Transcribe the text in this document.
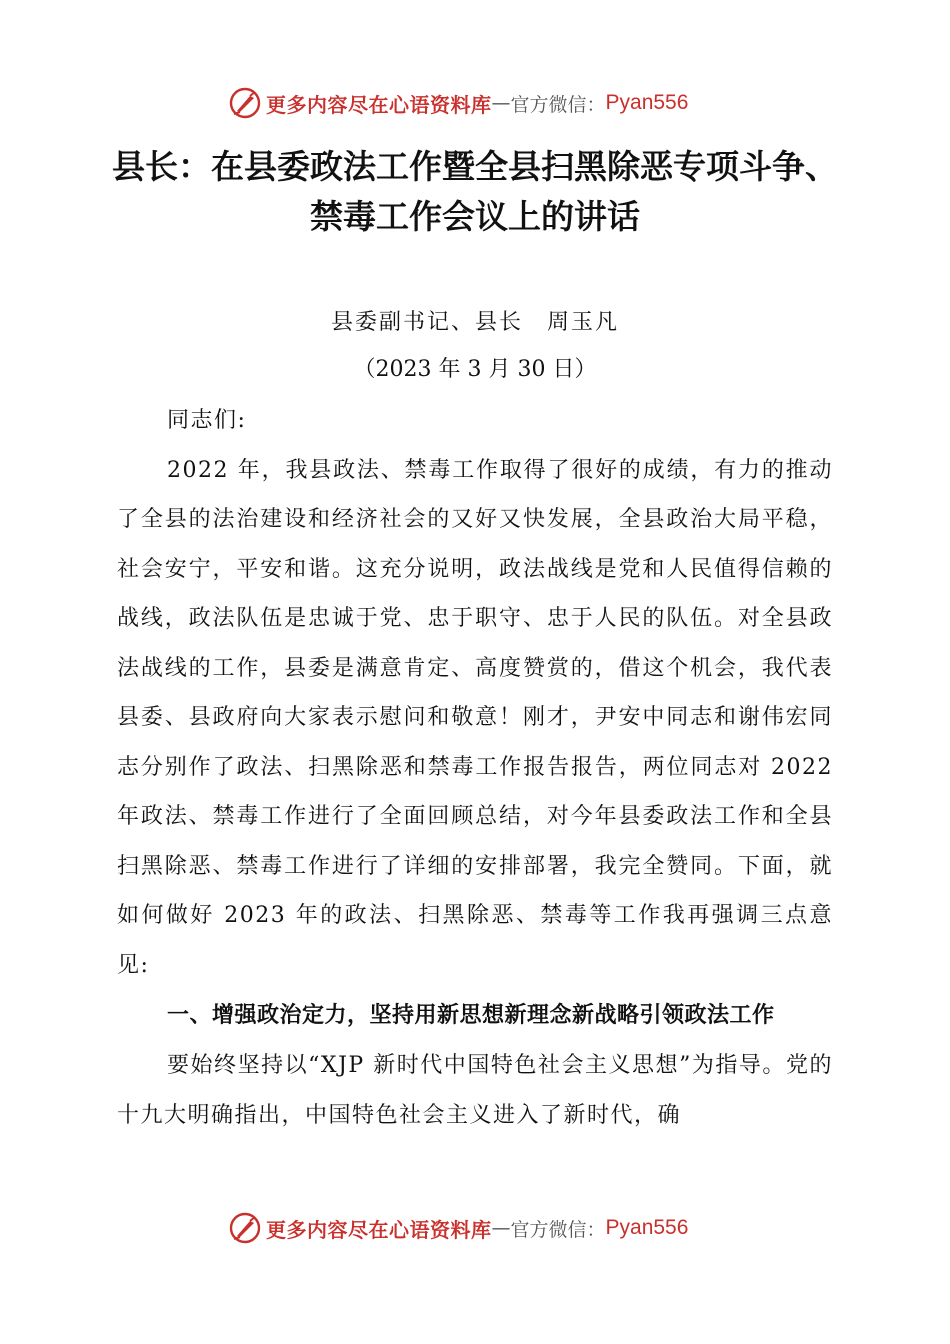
更多内容尽在心语资料库 — 官方微信： Pyan556
县长：在县委政法工作暨全县扫黑除恶专项斗争、禁毒工作会议上的讲话
县委副书记、县长　周玉凡
（2023 年 3 月 30 日）

同志们:

2022 年，我县政法、禁毒工作取得了很好的成绩，有力的推动了全县的法治建设和经济社会的又好又快发展，全县政治大局平稳，社会安宁，平安和谐。这充分说明，政法战线是党和人民值得信赖的战线，政法队伍是忠诚于党、忠于职守、忠于人民的队伍。对全县政法战线的工作，县委是满意肯定、高度赞赏的，借这个机会，我代表县委、县政府向大家表示慰问和敬意！刚才，尹安中同志和谢伟宏同志分别作了政法、扫黑除恶和禁毒工作报告报告，两位同志对 2022 年政法、禁毒工作进行了全面回顾总结，对今年县委政法工作和全县扫黑除恶、禁毒工作进行了详细的安排部署，我完全赞同。下面，就如何做好 2023 年的政法、扫黑除恶、禁毒等工作我再强调三点意见:

一、增强政治定力，坚持用新思想新理念新战略引领政法工作

要始终坚持以“XJP 新时代中国特色社会主义思想”为指导。党的十九大明确指出，中国特色社会主义进入了新时代，确

更多内容尽在心语资料库 — 官方微信： Pyan556
